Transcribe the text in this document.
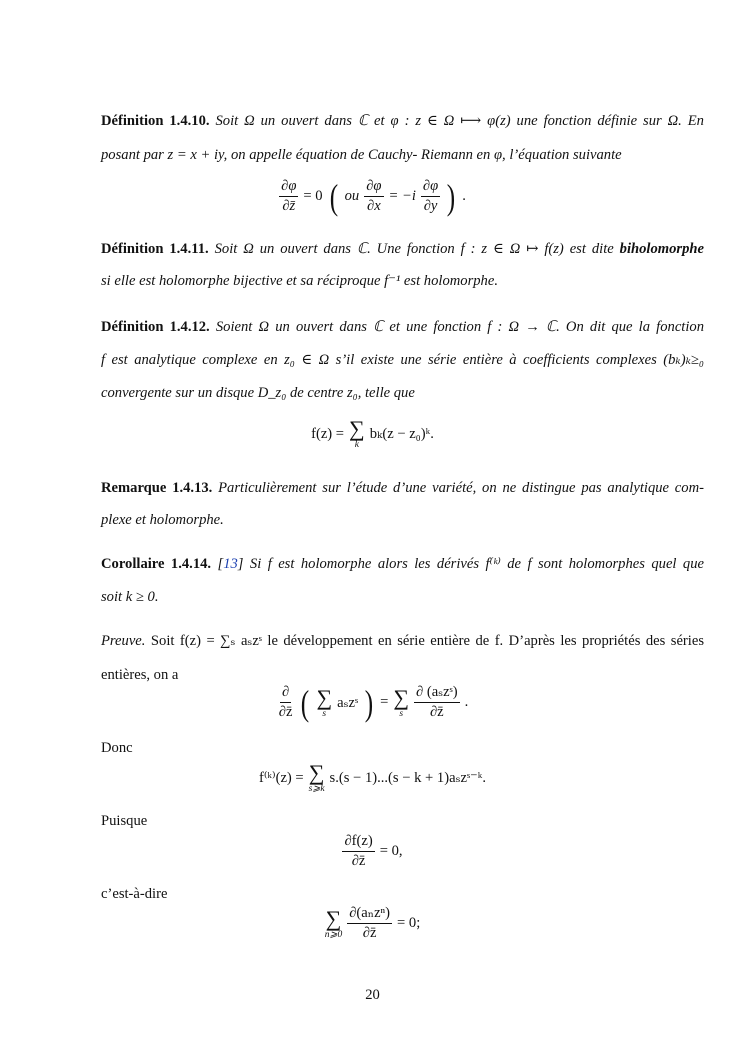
Définition 1.4.10. Soit Ω un ouvert dans ℂ et φ : z ∈ Ω ⟼ φ(z) une fonction définie sur Ω. En
posant par z = x + iy, on appelle équation de Cauchy- Riemann en φ, l’équation suivante
$\frac{\partial\varphi}{\partial z̄} = 0$ ( ou $\frac{\partial\varphi}{\partial x} = -i \frac{\partial\varphi}{\partial y}$ ) .
Définition 1.4.11. Soit Ω un ouvert dans ℂ. Une fonction f : z ∈ Ω ↦ f(z) est dite biholomorphe
si elle est holomorphe bijective et sa réciproque f⁻¹ est holomorphe.
Définition 1.4.12. Soient Ω un ouvert dans ℂ et une fonction f : Ω → ℂ. On dit que la fonction
f est analytique complexe en z₀ ∈ Ω s’il existe une série entière à coefficients complexes (bₖ)ₖ≥₀
convergente sur un disque D_z₀ de centre z₀, telle que
f(z) = ∑
k
bₖ(z − z₀)ᵏ.
Remarque 1.4.13. Particulièrement sur l’étude d’une variété, on ne distingue pas analytique com-
plexe et holomorphe.
Corollaire 1.4.14. [13] Si f est holomorphe alors les dérivés f⁽ᵏ⁾ de f sont holomorphes quel que
soit k ≥ 0.
Preuve. Soit f(z) = ∑ₛ aₛzˢ le développement en série entière de f. D’après les propriétés des séries
entières, on a
$\frac{\partial}{\partial z̄}$ ( ∑
s
aₛzˢ ) = ∑
s $\frac{\text{∂ (aₛzˢ)}}{\partial z̄}$ .
Donc
f⁽ᵏ⁾(z) = ∑
s⩾k
s.(s − 1)...(s − k + 1)aₛzˢ⁻ᵏ.
Puisque
$\frac{\partial f(z)}{\partial z̄} = 0$,
c’est-à-dire
∑
n⩾0 $\frac{\text{∂(aₙzⁿ)}}{\partial z̄} = 0$;
20
